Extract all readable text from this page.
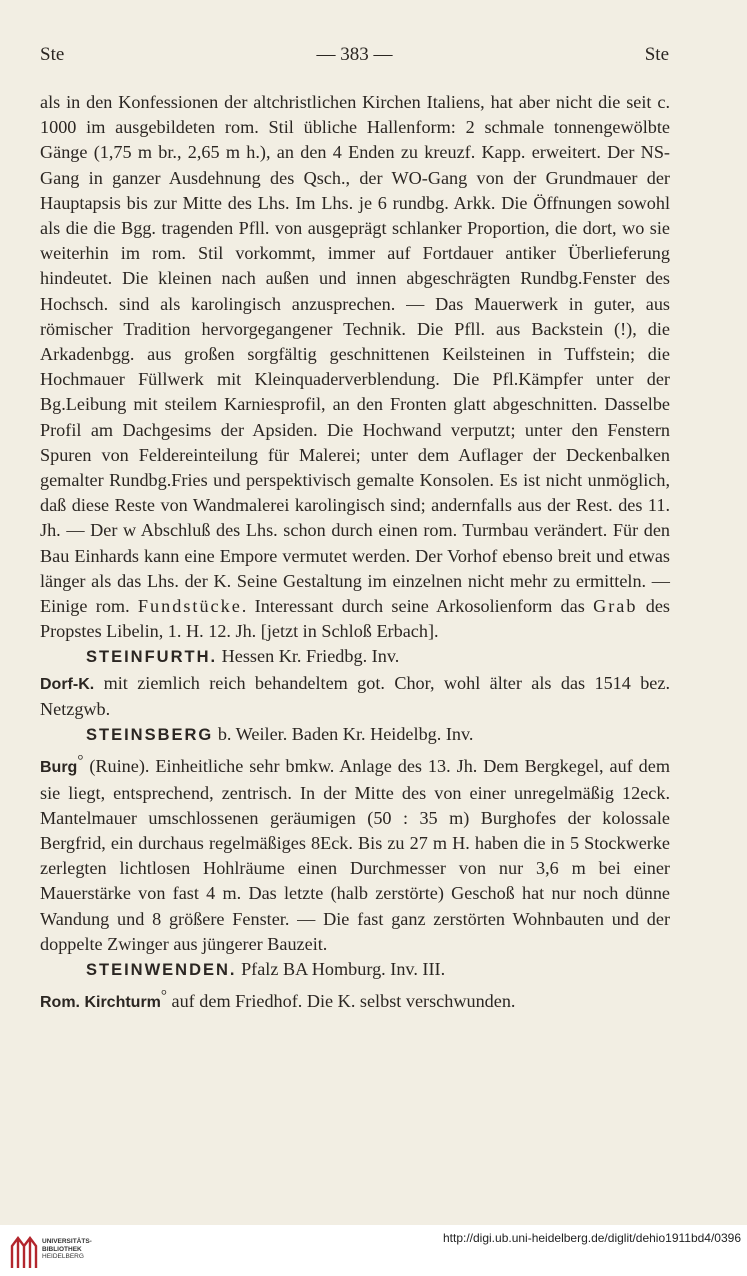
Ste	— 383 —	Ste

als in den Konfessionen der altchristlichen Kirchen Italiens, hat aber nicht die seit c. 1000 im ausgebildeten rom. Stil übliche Hallenform: 2 schmale tonnengewölbte Gänge (1,75 m br., 2,65 m h.), an den 4 Enden zu kreuzf. Kapp. erweitert. Der NS-Gang in ganzer Ausdehnung des Qsch., der WO-Gang von der Grundmauer der Hauptapsis bis zur Mitte des Lhs. Im Lhs. je 6 rundbg. Arkk. Die Öffnungen sowohl als die die Bgg. tragenden Pfll. von ausgeprägt schlanker Proportion, die dort, wo sie weiterhin im rom. Stil vorkommt, immer auf Fortdauer antiker Überlieferung hindeutet. Die kleinen nach außen und innen abgeschrägten Rundbg.Fenster des Hochsch. sind als karolingisch anzusprechen. — Das Mauerwerk in guter, aus römischer Tradition hervorgegangener Technik. Die Pfll. aus Backstein (!), die Arkadenbgg. aus großen sorgfältig geschnittenen Keilsteinen in Tuffstein; die Hochmauer Füllwerk mit Kleinquaderverblendung. Die Pfl.Kämpfer unter der Bg.Leibung mit steilem Karniesprofil, an den Fronten glatt abgeschnitten. Dasselbe Profil am Dachgesims der Apsiden. Die Hochwand verputzt; unter den Fenstern Spuren von Feldereinteilung für Malerei; unter dem Auflager der Deckenbalken gemalter Rundbg.Fries und perspektivisch gemalte Konsolen. Es ist nicht unmöglich, daß diese Reste von Wandmalerei karolingisch sind; andernfalls aus der Rest. des 11. Jh. — Der w Abschluß des Lhs. schon durch einen rom. Turmbau verändert. Für den Bau Einhards kann eine Empore vermutet werden. Der Vorhof ebenso breit und etwas länger als das Lhs. der K. Seine Gestaltung im einzelnen nicht mehr zu ermitteln. — Einige rom. Fundstücke. Interessant durch seine Arkosolienform das Grab des Propstes Libelin, 1. H. 12. Jh. [jetzt in Schloß Erbach].

STEINFURTH. Hessen Kr. Friedbg. Inv.

Dorf-K. mit ziemlich reich behandeltem got. Chor, wohl älter als das 1514 bez. Netzgwb.

STEINSBERG b. Weiler. Baden Kr. Heidelbg. Inv.

Burg° (Ruine). Einheitliche sehr bmkw. Anlage des 13. Jh. Dem Bergkegel, auf dem sie liegt, entsprechend, zentrisch. In der Mitte des von einer unregelmäßig 12eck. Mantelmauer umschlossenen geräumigen (50 : 35 m) Burghofes der kolossale Bergfrid, ein durchaus regelmäßiges 8Eck. Bis zu 27 m H. haben die in 5 Stockwerke zerlegten lichtlosen Hohlräume einen Durchmesser von nur 3,6 m bei einer Mauerstärke von fast 4 m. Das letzte (halb zerstörte) Geschoß hat nur noch dünne Wandung und 8 größere Fenster. — Die fast ganz zerstörten Wohnbauten und der doppelte Zwinger aus jüngerer Bauzeit.

STEINWENDEN. Pfalz BA Homburg. Inv. III.

Rom. Kirchturm° auf dem Friedhof. Die K. selbst verschwunden.

UNIVERSITÄTS-
BIBLIOTHEK
HEIDELBERG
http://digi.ub.uni-heidelberg.de/diglit/dehio1911bd4/0396
